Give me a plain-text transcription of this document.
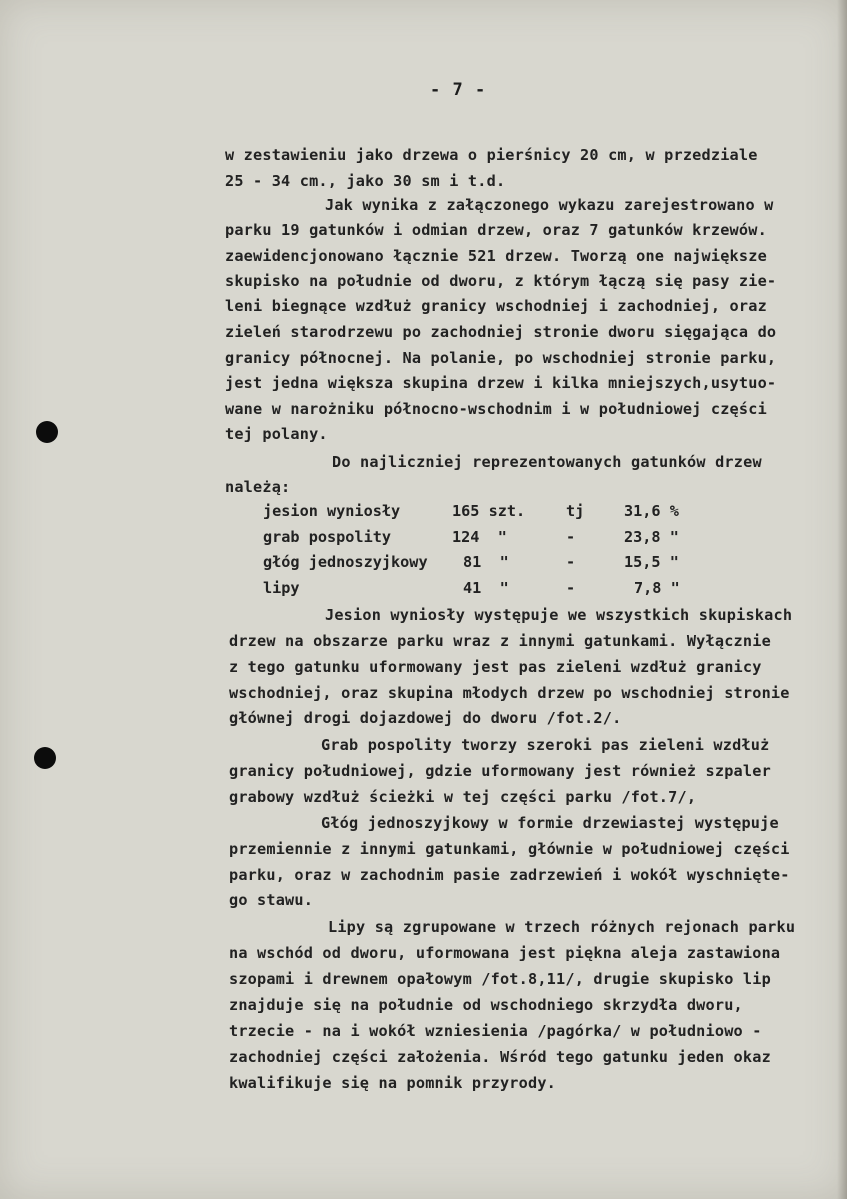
- 7 -
w zestawieniu jako drzewa o pierśnicy 20 cm, w przedziale
25 - 34 cm., jako 30 sm i t.d.
Jak wynika z załączonego wykazu zarejestrowano w
parku 19 gatunków i odmian drzew, oraz 7 gatunków krzewów.
zaewidencjonowano łącznie 521 drzew. Tworzą one największe
skupisko na południe od dworu, z którym łączą się pasy zie-
leni biegnące wzdłuż granicy wschodniej i zachodniej, oraz
zieleń starodrzewu po zachodniej stronie dworu sięgająca do
granicy północnej. Na polanie, po wschodniej stronie parku,
jest jedna większa skupina drzew i kilka mniejszych,usytuo-
wane w narożniku północno-wschodnim i w południowej części
tej polany.
Do najliczniej reprezentowanych gatunków drzew
należą:
jesion wyniosły	165 szt.	tj	31,6 %
grab pospolity	124  "	-	23,8 "
głóg jednoszyjkowy 81  "	-	15,5 "
lipy	41  "	-	7,8 "
Jesion wyniosły występuje we wszystkich skupiskach
drzew na obszarze parku wraz z innymi gatunkami. Wyłącznie
z tego gatunku uformowany jest pas zieleni wzdłuż granicy
wschodniej, oraz skupina młodych drzew po wschodniej stronie
głównej drogi dojazdowej do dworu /fot.2/.
Grab pospolity tworzy szeroki pas zieleni wzdłuż
granicy południowej, gdzie uformowany jest również szpaler
grabowy wzdłuż ścieżki w tej części parku /fot.7/,
Głóg jednoszyjkowy w formie drzewiastej występuje
przemiennie z innymi gatunkami, głównie w południowej części
parku, oraz w zachodnim pasie zadrzewień i wokół wyschnięte-
go stawu.
Lipy są zgrupowane w trzech różnych rejonach parku
na wschód od dworu, uformowana jest piękna aleja zastawiona
szopami i drewnem opałowym /fot.8,11/, drugie skupisko lip
znajduje się na południe od wschodniego skrzydła dworu,
trzecie - na i wokół wzniesienia /pagórka/ w południowo -
zachodniej części założenia. Wśród tego gatunku jeden okaz
kwalifikuje się na pomnik przyrody.
